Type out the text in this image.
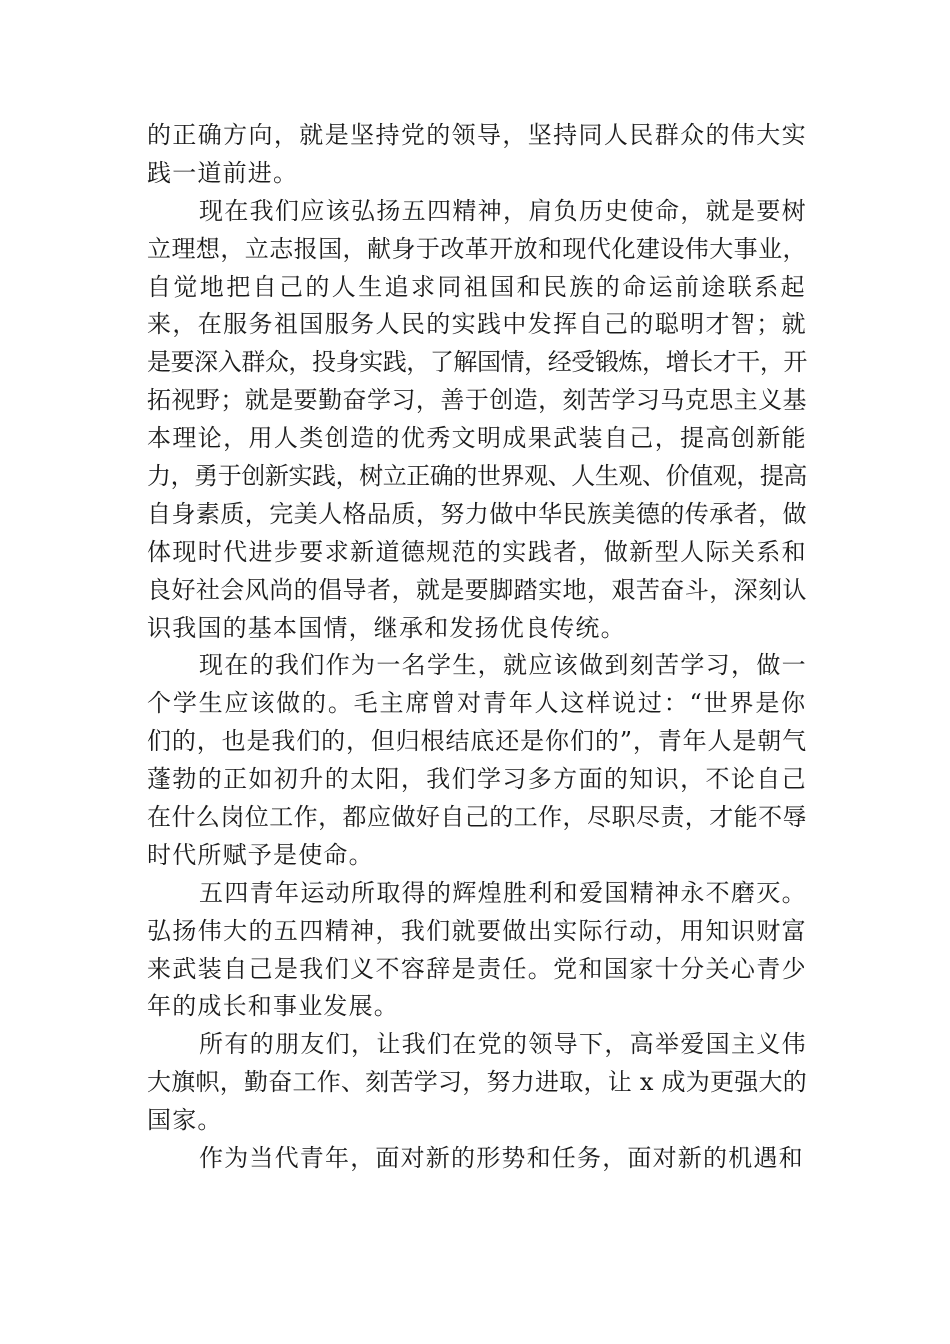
的正确方向，就是坚持党的领导，坚持同人民群众的伟大实
践一道前进。
现在我们应该弘扬五四精神，肩负历史使命，就是要树
立理想，立志报国，献身于改革开放和现代化建设伟大事业，
自觉地把自己的人生追求同祖国和民族的命运前途联系起
来，在服务祖国服务人民的实践中发挥自己的聪明才智；就
是要深入群众，投身实践，了解国情，经受锻炼，增长才干，开
拓视野；就是要勤奋学习，善于创造，刻苦学习马克思主义基
本理论，用人类创造的优秀文明成果武装自己，提高创新能
力，勇于创新实践，树立正确的世界观、人生观、价值观，提高
自身素质，完美人格品质，努力做中华民族美德的传承者，做
体现时代进步要求新道德规范的实践者，做新型人际关系和
良好社会风尚的倡导者，就是要脚踏实地，艰苦奋斗，深刻认
识我国的基本国情，继承和发扬优良传统。
现在的我们作为一名学生，就应该做到刻苦学习，做一
个学生应该做的。毛主席曾对青年人这样说过：“世界是你
们的，也是我们的，但归根结底还是你们的”，青年人是朝气
蓬勃的正如初升的太阳，我们学习多方面的知识，不论自己
在什么岗位工作，都应做好自己的工作，尽职尽责，才能不辱
时代所赋予是使命。
五四青年运动所取得的辉煌胜利和爱国精神永不磨灭。
弘扬伟大的五四精神，我们就要做出实际行动，用知识财富
来武装自己是我们义不容辞是责任。党和国家十分关心青少
年的成长和事业发展。
所有的朋友们，让我们在党的领导下，高举爱国主义伟
大旗帜，勤奋工作、刻苦学习，努力进取，让 x 成为更强大的
国家。
作为当代青年，面对新的形势和任务，面对新的机遇和
